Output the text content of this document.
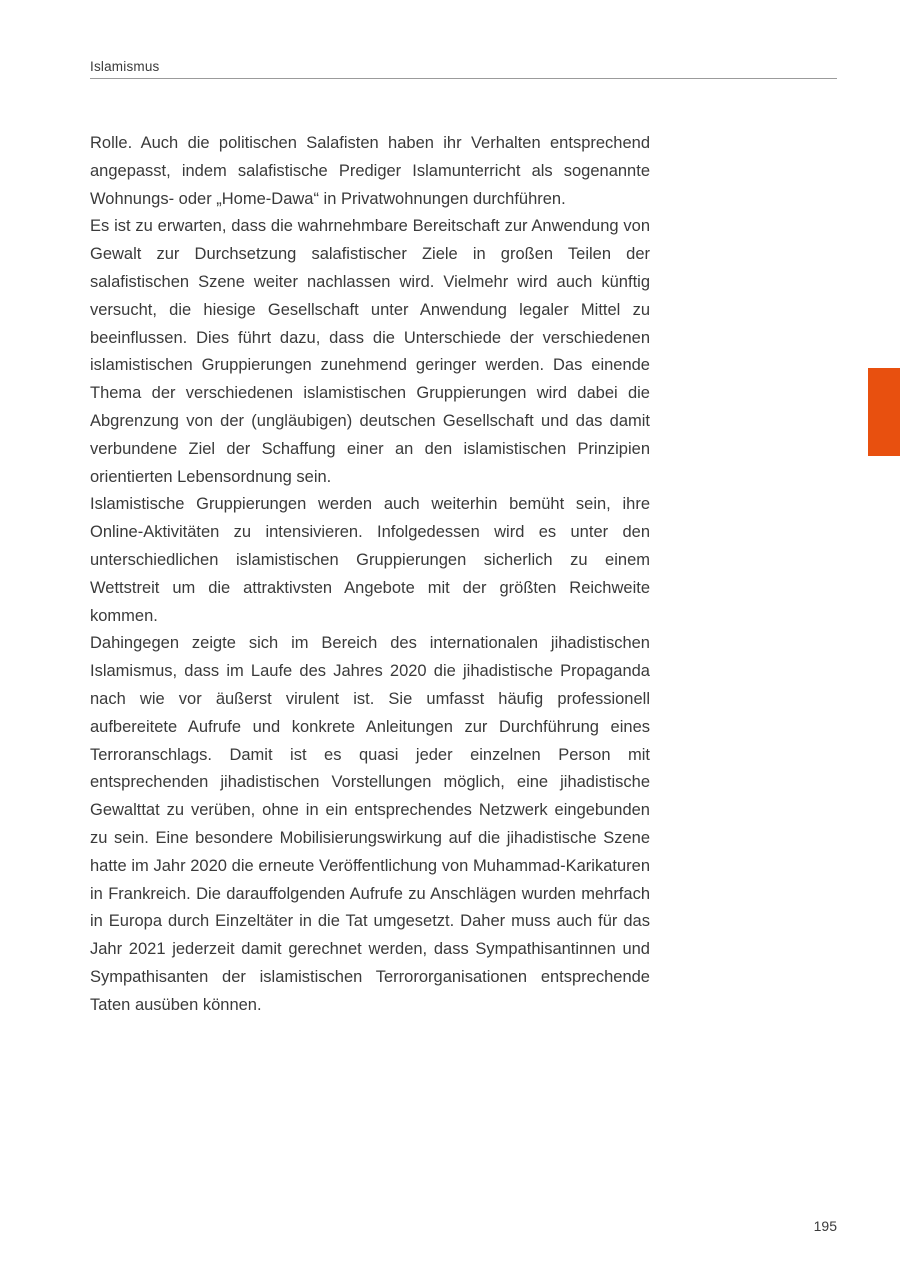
Islamismus

Rolle. Auch die politischen Salafisten haben ihr Verhalten entsprechend angepasst, indem salafistische Prediger Islamunterricht als sogenannte Wohnungs- oder „Home-Dawa“ in Privatwohnungen durchführen.

Es ist zu erwarten, dass die wahrnehmbare Bereitschaft zur Anwendung von Gewalt zur Durchsetzung salafistischer Ziele in großen Teilen der salafistischen Szene weiter nachlassen wird. Vielmehr wird auch künftig versucht, die hiesige Gesellschaft unter Anwendung legaler Mittel zu beeinflussen. Dies führt dazu, dass die Unterschiede der verschiedenen islamistischen Gruppierungen zunehmend geringer werden. Das einende Thema der verschiedenen islamistischen Gruppierungen wird dabei die Abgrenzung von der (ungläubigen) deutschen Gesellschaft und das damit verbundene Ziel der Schaffung einer an den islamistischen Prinzipien orientierten Lebensordnung sein.

Islamistische Gruppierungen werden auch weiterhin bemüht sein, ihre Online-Aktivitäten zu intensivieren. Infolgedessen wird es unter den unterschiedlichen islamistischen Gruppierungen sicherlich zu einem Wettstreit um die attraktivsten Angebote mit der größten Reichweite kommen.

Dahingegen zeigte sich im Bereich des internationalen jihadistischen Islamismus, dass im Laufe des Jahres 2020 die jihadistische Propaganda nach wie vor äußerst virulent ist. Sie umfasst häufig professionell aufbereitete Aufrufe und konkrete Anleitungen zur Durchführung eines Terroranschlags. Damit ist es quasi jeder einzelnen Person mit entsprechenden jihadistischen Vorstellungen möglich, eine jihadistische Gewalttat zu verüben, ohne in ein entsprechendes Netzwerk eingebunden zu sein. Eine besondere Mobilisierungswirkung auf die jihadistische Szene hatte im Jahr 2020 die erneute Veröffentlichung von Muhammad-Karikaturen in Frankreich. Die darauffolgenden Aufrufe zu Anschlägen wurden mehrfach in Europa durch Einzeltäter in die Tat umgesetzt. Daher muss auch für das Jahr 2021 jederzeit damit gerechnet werden, dass Sympathisantinnen und Sympathisanten der islamistischen Terrororganisationen entsprechende Taten ausüben können.

195
